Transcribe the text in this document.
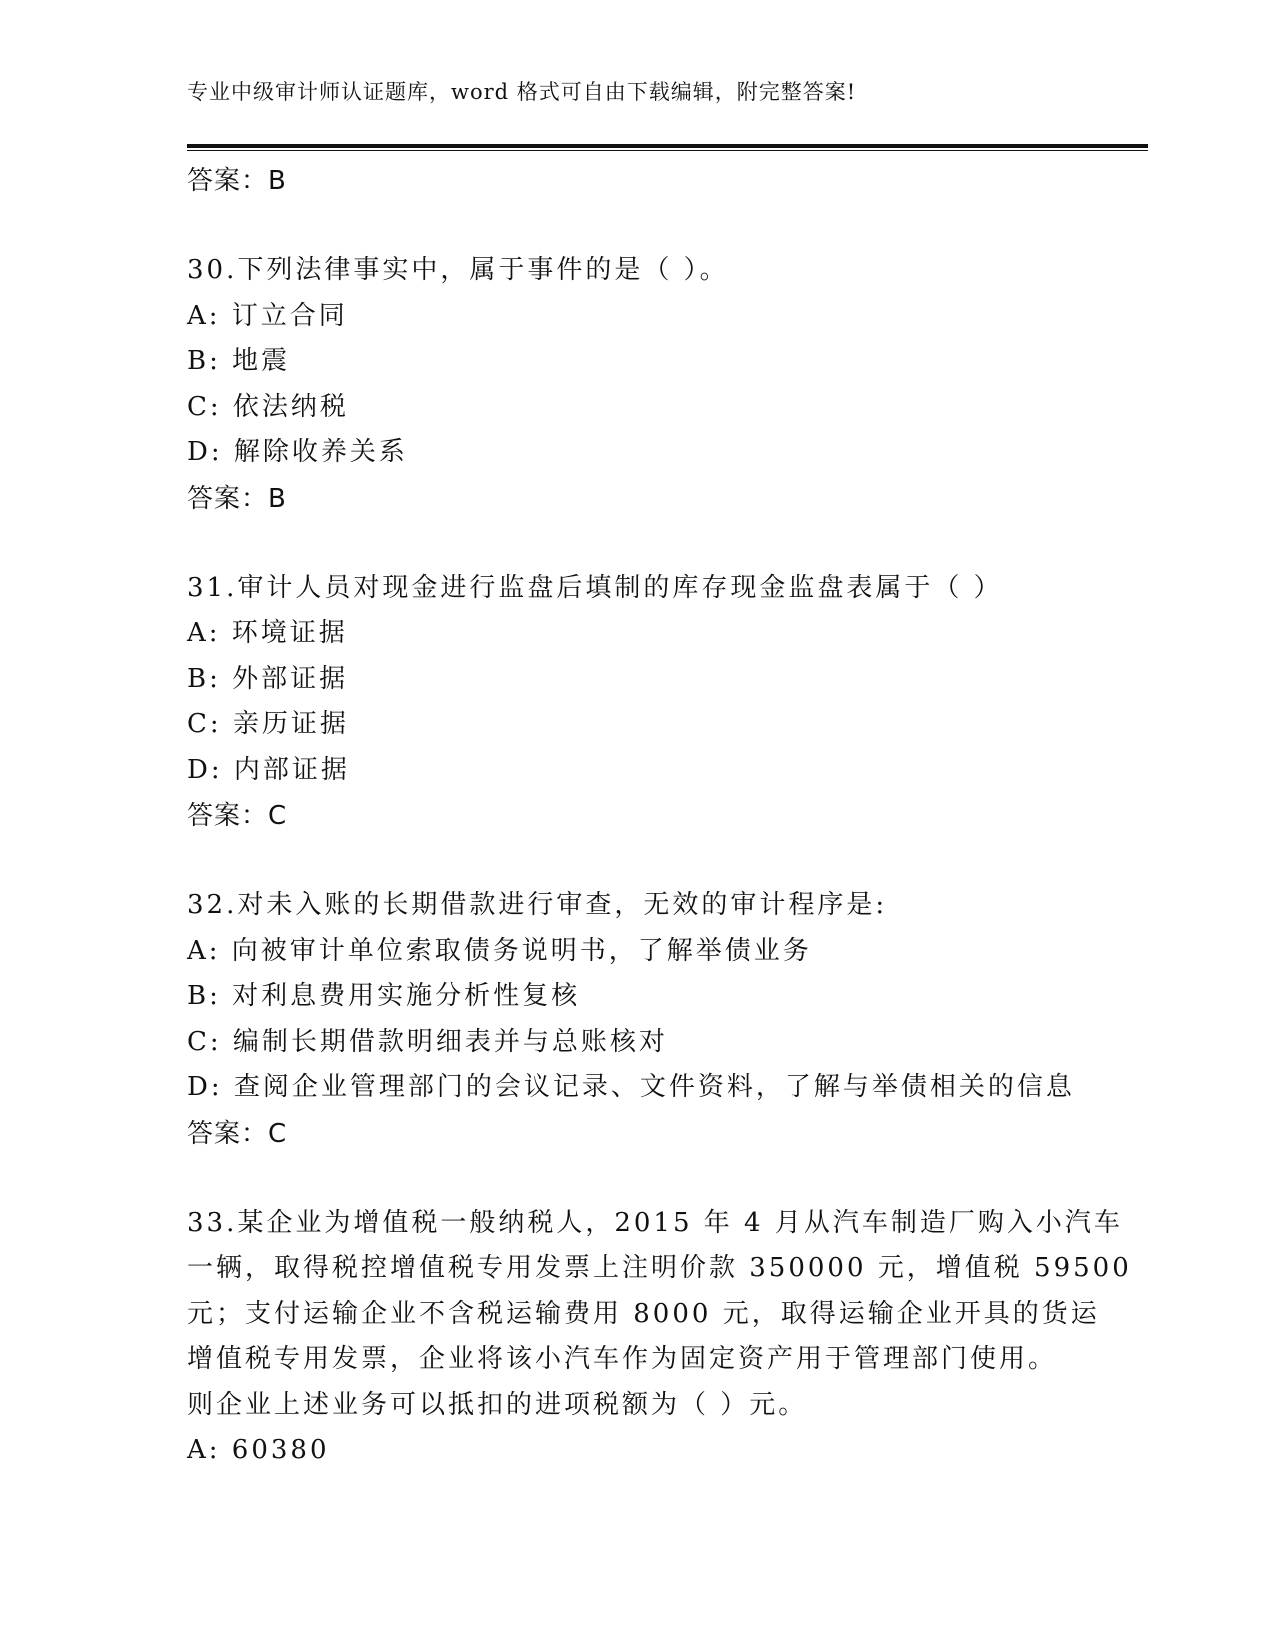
专业中级审计师认证题库，word 格式可自由下载编辑，附完整答案!
答案：B
30.下列法律事实中，属于事件的是（ ）。
A: 订立合同
B: 地震
C: 依法纳税
D: 解除收养关系
答案：B
31.审计人员对现金进行监盘后填制的库存现金监盘表属于（ ）
A: 环境证据
B: 外部证据
C: 亲历证据
D: 内部证据
答案：C
32.对未入账的长期借款进行审查，无效的审计程序是:
A: 向被审计单位索取债务说明书，了解举债业务
B: 对利息费用实施分析性复核
C: 编制长期借款明细表并与总账核对
D: 查阅企业管理部门的会议记录、文件资料，了解与举债相关的信息
答案：C
33.某企业为增值税一般纳税人，2015 年 4 月从汽车制造厂购入小汽车
一辆，取得税控增值税专用发票上注明价款 350000 元，增值税 59500
元；支付运输企业不含税运输费用 8000 元，取得运输企业开具的货运
增值税专用发票，企业将该小汽车作为固定资产用于管理部门使用。
则企业上述业务可以抵扣的进项税额为（ ）元。
A: 60380
